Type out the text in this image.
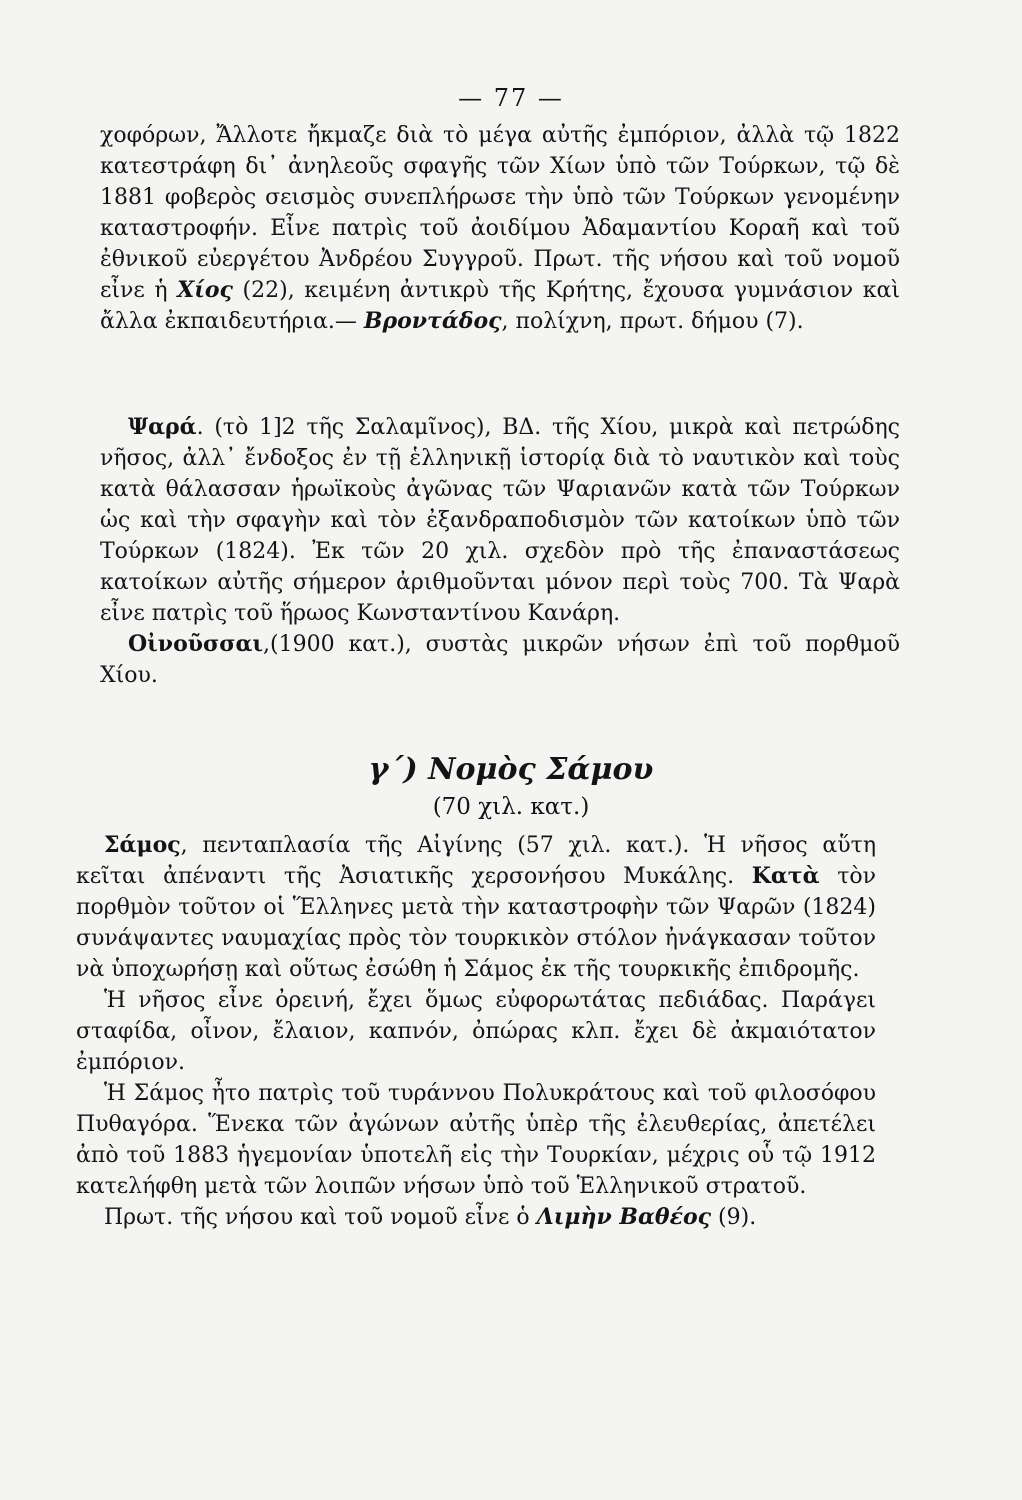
— 77 —

χοφόρων, Ἄλλοτε ἤκμαζε διὰ τὸ μέγα αὐτῆς ἐμπόριον, ἀλλὰ τῷ 1822 κατεστράφη δι᾿ ἀνηλεοῦς σφαγῆς τῶν Χίων ὑπὸ τῶν Τούρκων, τῷ δὲ 1881 φοβερὸς σεισμὸς συνεπλήρωσε τὴν ὑπὸ τῶν Τούρκων γενομένην καταστροφήν. Εἶνε πατρὶς τοῦ ἀοιδίμου Ἀδαμαντίου Κοραῆ καὶ τοῦ ἐθνικοῦ εὐεργέτου Ἀνδρέου Συγγροῦ. Πρωτ. τῆς νήσου καὶ τοῦ νομοῦ εἶνε ἡ Χίος (22), κειμένη ἀντικρὺ τῆς Κρήτης, ἔχουσα γυμνάσιον καὶ ἄλλα ἐκπαιδευτήρια.— Βροντάδος, πολίχνη, πρωτ. δήμου (7).

Ψαρά. (τὸ 1]2 τῆς Σαλαμῖνος), ΒΔ. τῆς Χίου, μικρὰ καὶ πετρώδης νῆσος, ἀλλ᾿ ἔνδοξος ἐν τῇ ἑλληνικῇ ἱστορίᾳ διὰ τὸ ναυτικὸν καὶ τοὺς κατὰ θάλασσαν ἡρωϊκοὺς ἀγῶνας τῶν Ψαριανῶν κατὰ τῶν Τούρκων ὡς καὶ τὴν σφαγὴν καὶ τὸν ἐξανδραποδισμὸν τῶν κατοίκων ὑπὸ τῶν Τούρκων (1824). Ἐκ τῶν 20 χιλ. σχεδὸν πρὸ τῆς ἐπαναστάσεως κατοίκων αὐτῆς σήμερον ἀριθμοῦνται μόνον περὶ τοὺς 700. Τὰ Ψαρὰ εἶνε πατρὶς τοῦ ἥρωος Κωνσταντίνου Κανάρη.

Οἰνοῦσσαι,(1900 κατ.), συστὰς μικρῶν νήσων ἐπὶ τοῦ πορθμοῦ Χίου.

γ΄) Νομὸς Σάμου
(70 χιλ. κατ.)

Σάμος, πενταπλασία τῆς Αἰγίνης (57 χιλ. κατ.). Ἡ νῆσος αὕτη κεῖται ἀπέναντι τῆς Ἀσιατικῆς χερσονήσου Μυκάλης. Κατὰ τὸν πορθμὸν τοῦτον οἱ Ἕλληνες μετὰ τὴν καταστροφὴν τῶν Ψαρῶν (1824) συνάψαντες ναυμαχίας πρὸς τὸν τουρκικὸν στόλον ἠνάγκασαν τοῦτον νὰ ὑποχωρήσῃ καὶ οὕτως ἐσώθη ἡ Σάμος ἐκ τῆς τουρκικῆς ἐπιδρομῆς.

Ἡ νῆσος εἶνε ὀρεινή, ἔχει ὅμως εὐφορωτάτας πεδιάδας. Παράγει σταφίδα, οἶνον, ἔλαιον, καπνόν, ὀπώρας κλπ. ἔχει δὲ ἀκμαιότατον ἐμπόριον.

Ἡ Σάμος ἦτο πατρὶς τοῦ τυράννου Πολυκράτους καὶ τοῦ φιλοσόφου Πυθαγόρα. Ἕνεκα τῶν ἀγώνων αὐτῆς ὑπὲρ τῆς ἐλευθερίας, ἀπετέλει ἀπὸ τοῦ 1883 ἡγεμονίαν ὑποτελῆ εἰς τὴν Τουρκίαν, μέχρις οὗ τῷ 1912 κατελήφθη μετὰ τῶν λοιπῶν νήσων ὑπὸ τοῦ Ἑλληνικοῦ στρατοῦ.

Πρωτ. τῆς νήσου καὶ τοῦ νομοῦ εἶνε ὁ Λιμὴν Βαθέος (9).
